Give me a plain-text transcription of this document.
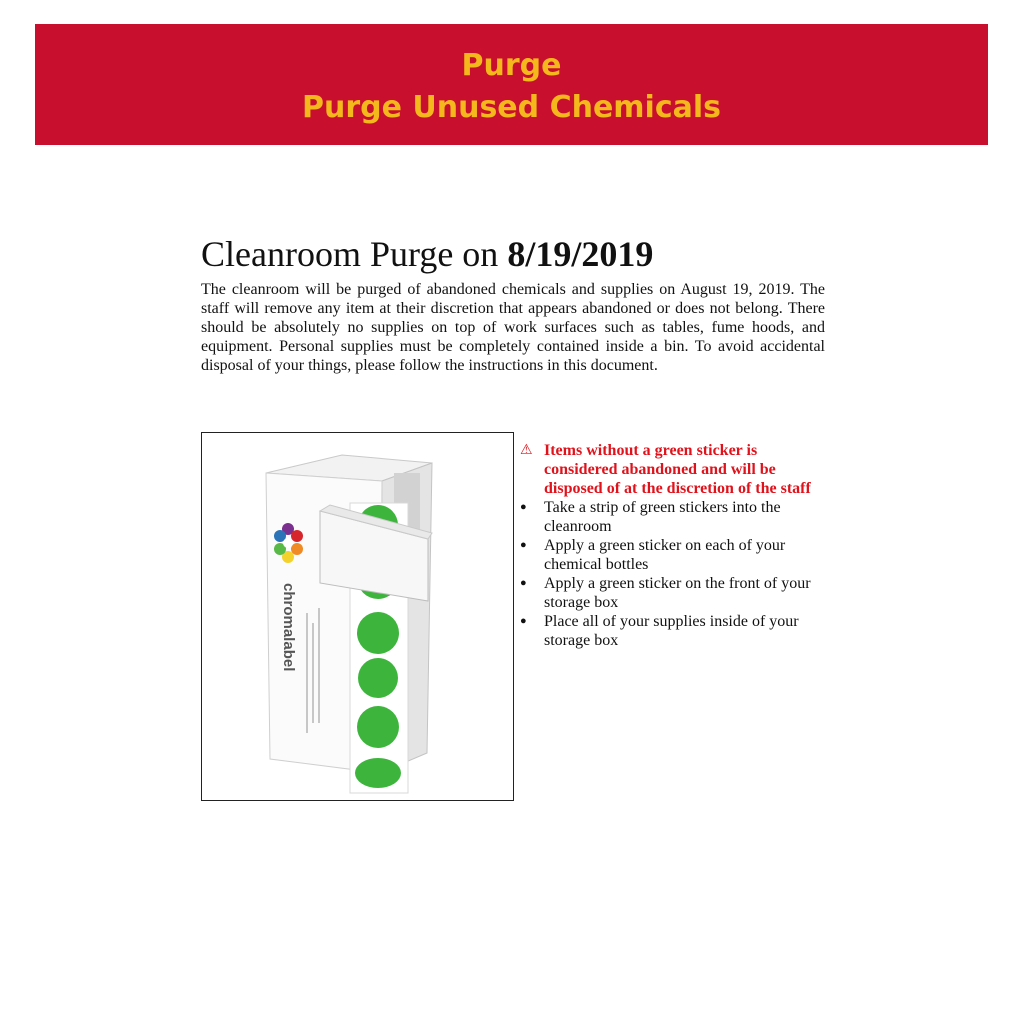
Purge
Purge Unused Chemicals
Cleanroom Purge on 8/19/2019
The cleanroom will be purged of abandoned chemicals and supplies on August 19, 2019. The staff will remove any item at their discretion that appears abandoned or does not belong. There should be absolutely no supplies on top of work surfaces such as tables, fume hoods, and equipment. Personal supplies must be completely contained inside a bin. To avoid accidental disposal of your things, please follow the instructions in this document.
chromalabel
⚠ Items without a green sticker is considered abandoned and will be disposed of at the discretion of the staff
●	Take a strip of green stickers into the cleanroom
●	Apply a green sticker on each of your chemical bottles
●	Apply a green sticker on the front of your storage box
●	Place all of your supplies inside of your storage box
